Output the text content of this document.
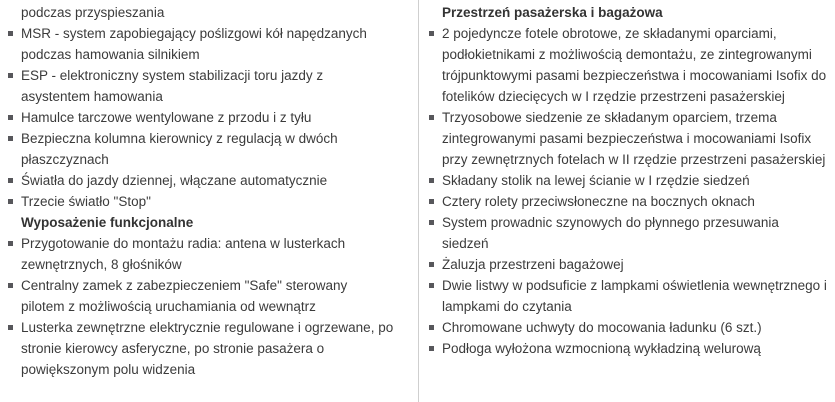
podczas przyspieszania
MSR - system zapobiegający poślizgowi kół napędzanych podczas hamowania silnikiem
ESP - elektroniczny system stabilizacji toru jazdy z asystentem hamowania
Hamulce tarczowe wentylowane z przodu i z tyłu
Bezpieczna kolumna kierownicy z regulacją w dwóch płaszczyznach
Światła do jazdy dziennej, włączane automatycznie
Trzecie światło "Stop"
Wyposażenie funkcjonalne
Przygotowanie do montażu radia: antena w lusterkach zewnętrznych, 8 głośników
Centralny zamek z zabezpieczeniem "Safe" sterowany pilotem z możliwością uruchamiania od wewnątrz
Lusterka zewnętrzne elektrycznie regulowane i ogrzewane, po stronie kierowcy asferyczne, po stronie pasażera o powiększonym polu widzenia
Przestrzeń pasażerska i bagażowa
2 pojedyncze fotele obrotowe, ze składanymi oparciami, podłokietnikami z możliwością demontażu, ze zintegrowanymi trójpunktowymi pasami bezpieczeństwa i mocowaniami Isofix do fotelików dziecięcych w I rzędzie przestrzeni pasażerskiej
Trzyosobowe siedzenie ze składanym oparciem, trzema zintegrowanymi pasami bezpieczeństwa i mocowaniami Isofix przy zewnętrznych fotelach w II rzędzie przestrzeni pasażerskiej
Składany stolik na lewej ścianie w I rzędzie siedzeń
Cztery rolety przeciwsłoneczne na bocznych oknach
System prowadnic szynowych do płynnego przesuwania siedzeń
Żaluzja przestrzeni bagażowej
Dwie listwy w podsuficie z lampkami oświetlenia wewnętrznego i lampkami do czytania
Chromowane uchwyty do mocowania ładunku (6 szt.)
Podłoga wyłożona wzmocnioną wykładziną welurową
